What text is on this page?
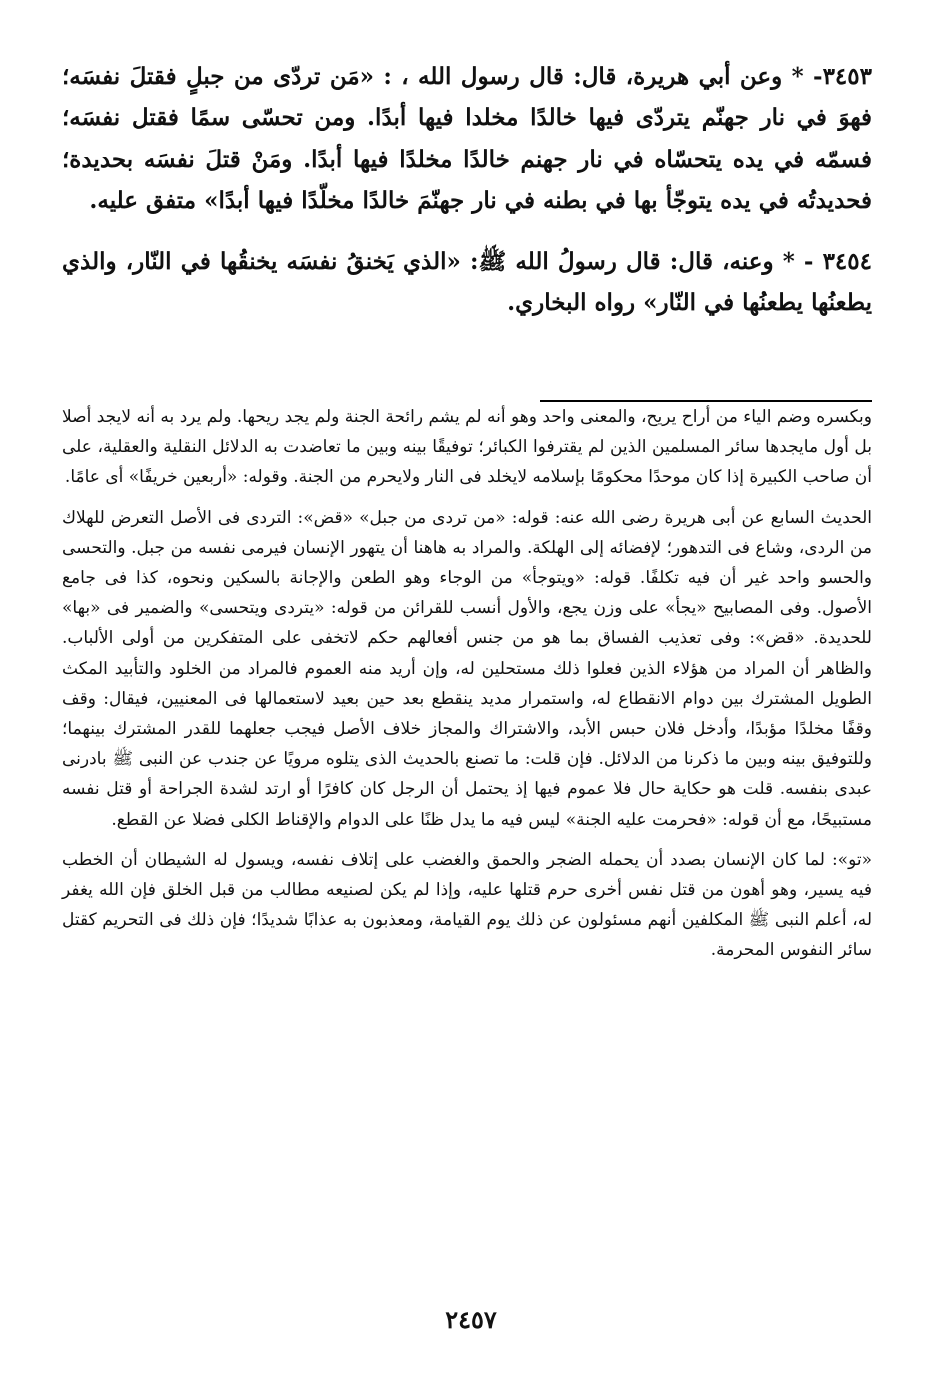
٣٤٥٣- * وعن أبي هريرة، قال: قال رسول الله ، : «مَن تردّى من جبلٍ فقتلَ نفسَه؛ فهوَ في نار جهنّم يتردّى فيها خالدًا مخلدا فيها أبدًا. ومن تحسّى سمًا فقتل نفسَه؛ فسمّه في يده يتحسّاه في نار جهنم خالدًا مخلدًا فيها أبدًا. ومَنْ قتلَ نفسَه بحديدة؛ فحديدتُه في يده يتوجّأ بها في بطنه في نار جهنّمَ خالدًا مخلّدًا فيها أبدًا» متفق عليه.

٣٤٥٤ - * وعنه، قال: قال رسولُ الله ﷺ: «الذي يَخنقُ نفسَه يخنقُها في النّار، والذي يطعنُها يطعنُها في النّار» رواه البخاري.

وبكسره وضم الياء من أراح يريح، والمعنى واحد وهو أنه لم يشم رائحة الجنة ولم يجد ريحها. ولم يرد به أنه لايجد أصلا بل أول مايجدها سائر المسلمين الذين لم يقترفوا الكبائر؛ توفيقًا بينه وبين ما تعاضدت به الدلائل النقلية والعقلية، على أن صاحب الكبيرة إذا كان موحدًا محكومًا بإسلامه لايخلد فى النار ولايحرم من الجنة. وقوله: «أربعين خريفًا» أى عامًا.

الحديث السابع عن أبى هريرة رضى الله عنه: قوله: «من تردى من جبل» «قض»: التردى فى الأصل التعرض للهلاك من الردى، وشاع فى التدهور؛ لإفضائه إلى الهلكة. والمراد به هاهنا أن يتهور الإنسان فيرمى نفسه من جبل. والتحسى والحسو واحد غير أن فيه تكلفًا. قوله: «ويتوجأ» من الوجاء وهو الطعن والإجانة بالسكين ونحوه، كذا فى جامع الأصول. وفى المصابيح «يجأ» على وزن يجع، والأول أنسب للقرائن من قوله: «يتردى ويتحسى» والضمير فى «بها» للحديدة. «قض»: وفى تعذيب الفساق بما هو من جنس أفعالهم حكم لاتخفى على المتفكرين من أولى الألباب. والظاهر أن المراد من هؤلاء الذين فعلوا ذلك مستحلين له، وإن أريد منه العموم فالمراد من الخلود والتأبيد المكث الطويل المشترك بين دوام الانقطاع له، واستمرار مديد ينقطع بعد حين بعيد لاستعمالها فى المعنيين، فيقال: وقف وقفًا مخلدًا مؤبدًا، وأدخل فلان حبس الأبد، والاشتراك والمجاز خلاف الأصل فيجب جعلهما للقدر المشترك بينهما؛ وللتوفيق بينه وبين ما ذكرنا من الدلائل. فإن قلت: ما تصنع بالحديث الذى يتلوه مرويًا عن جندب عن النبى ﷺ بادرنى عبدى بنفسه. قلت هو حكاية حال فلا عموم فيها إذ يحتمل أن الرجل كان كافرًا أو ارتد لشدة الجراحة أو قتل نفسه مستبيحًا، مع أن قوله: «فحرمت عليه الجنة» ليس فيه ما يدل ظنًا على الدوام والإقناط الكلى فضلا عن القطع.

«تو»: لما كان الإنسان بصدد أن يحمله الضجر والحمق والغضب على إتلاف نفسه، ويسول له الشيطان أن الخطب فيه يسير، وهو أهون من قتل نفس أخرى حرم قتلها عليه، وإذا لم يكن لصنيعه مطالب من قبل الخلق فإن الله يغفر له، أعلم النبى ﷺ المكلفين أنهم مسئولون عن ذلك يوم القيامة، ومعذبون به عذابًا شديدًا؛ فإن ذلك فى التحريم كقتل سائر النفوس المحرمة.

٢٤٥٧
